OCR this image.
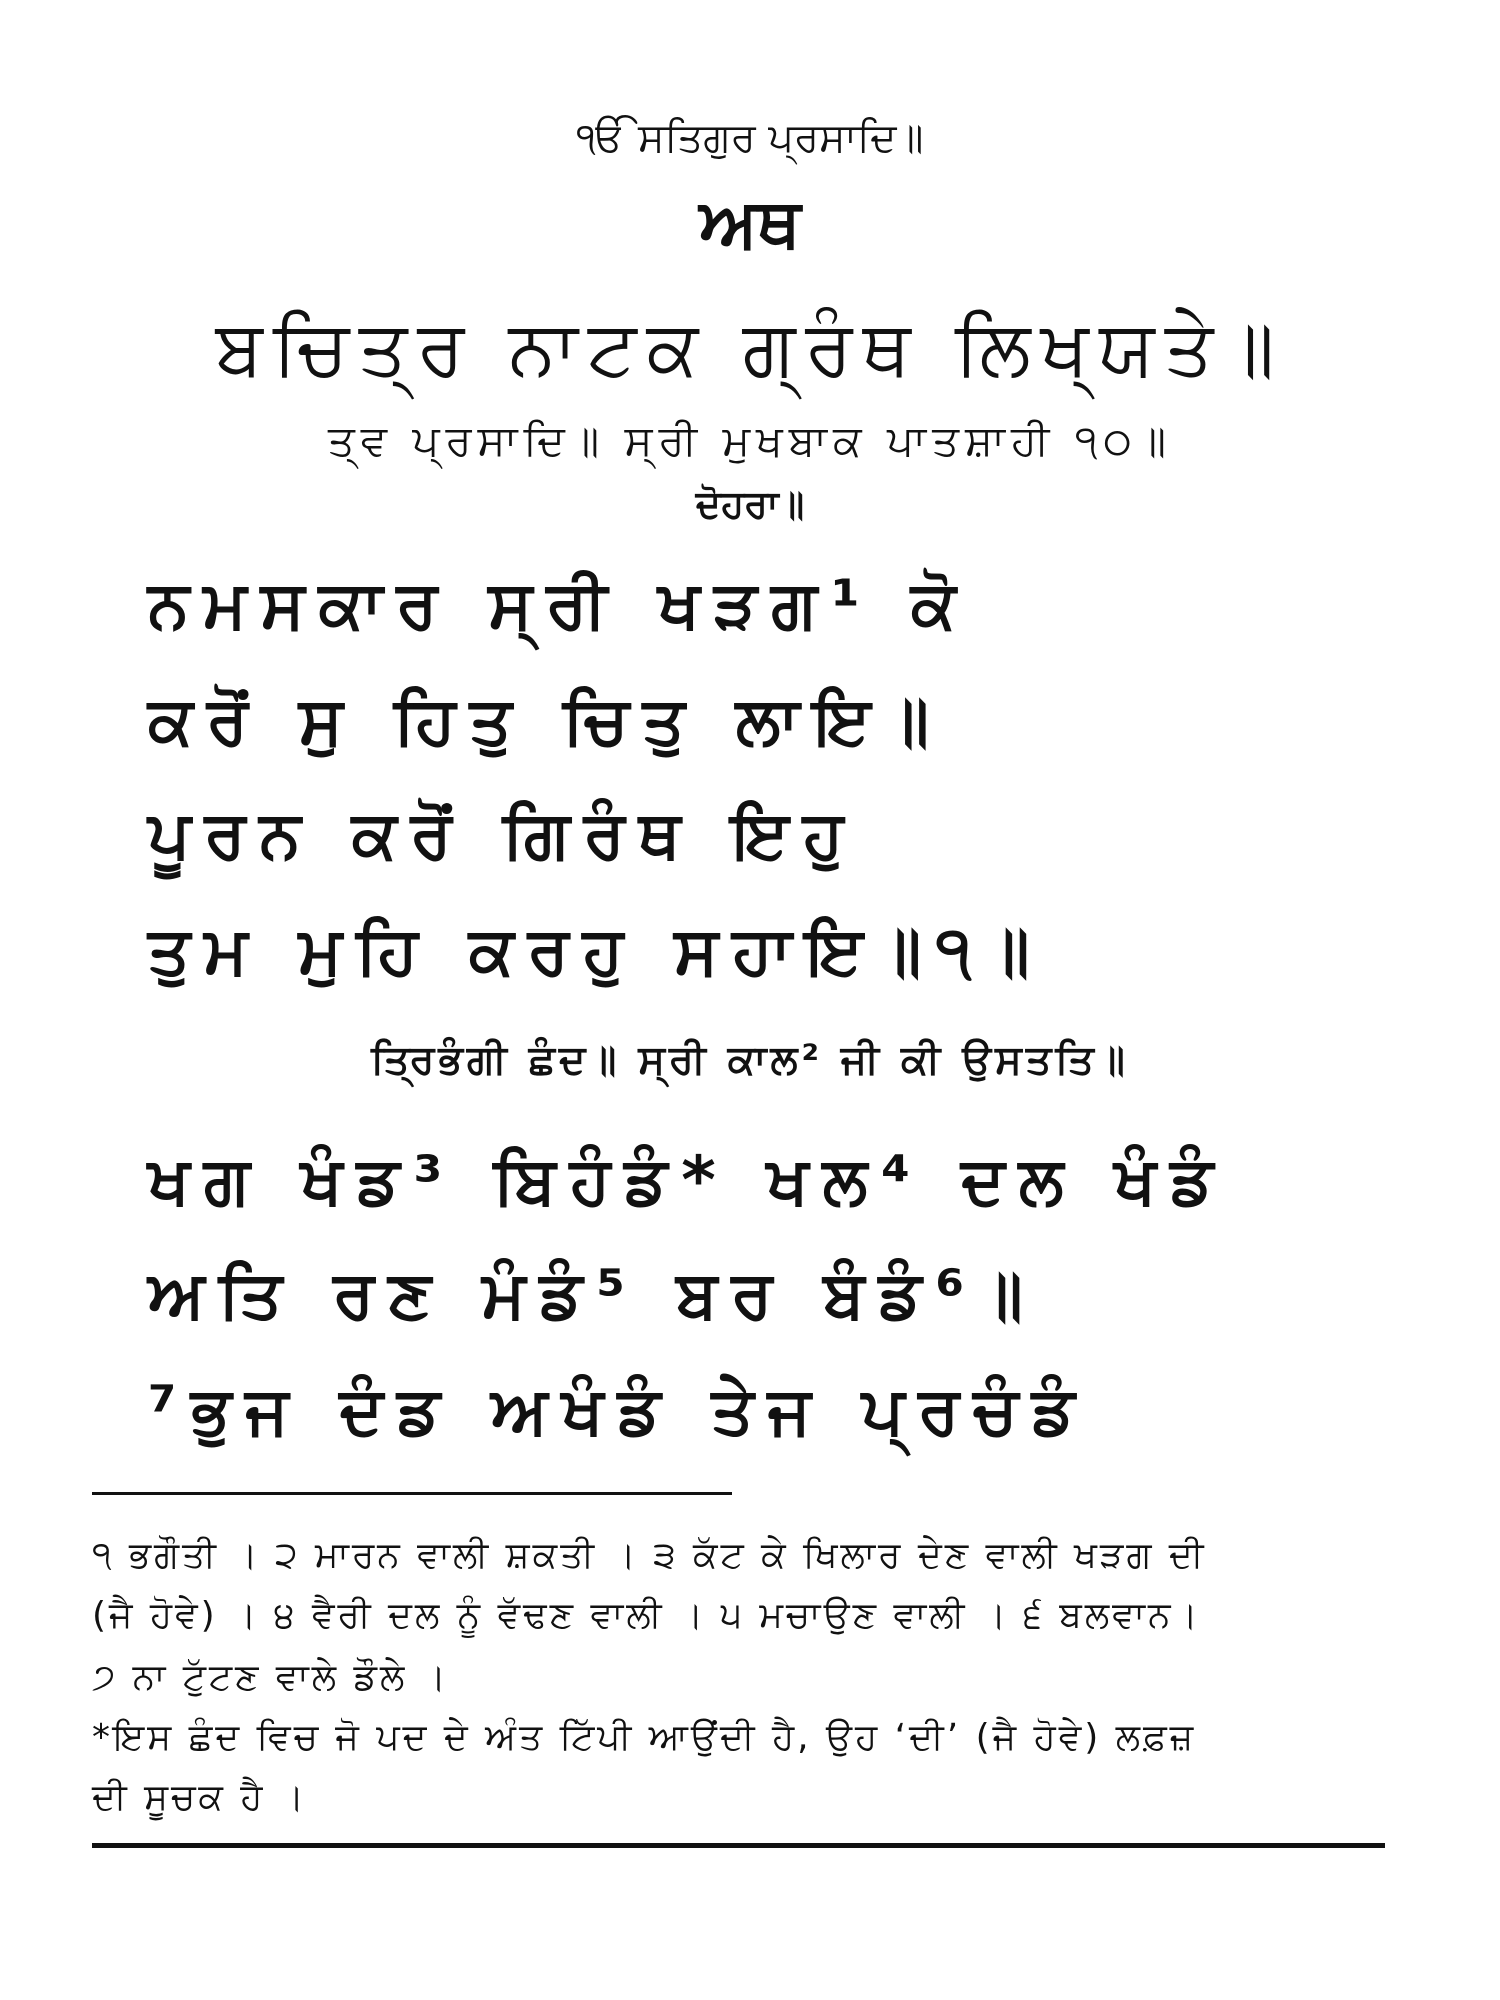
ੴ ਸਤਿਗੁਰ ਪ੍ਰਸਾਦਿ॥
ਅਥ
ਬਚਿਤ੍ਰ ਨਾਟਕ ਗ੍ਰੰਥ ਲਿਖ੍ਯਤੇ॥
ਤ੍ਵ ਪ੍ਰਸਾਦਿ॥ ਸ੍ਰੀ ਮੁਖਬਾਕ ਪਾਤਸ਼ਾਹੀ ੧੦॥
ਦੋਹਰਾ॥
ਨਮਸਕਾਰ ਸ੍ਰੀ ਖੜਗ¹ ਕੋ
ਕਰੋਂ ਸੁ ਹਿਤੁ ਚਿਤੁ ਲਾਇ॥
ਪੂਰਨ ਕਰੋਂ ਗਿਰੰਥ ਇਹੁ
ਤੁਮ ਮੁਹਿ ਕਰਹੁ ਸਹਾਇ॥੧॥
ਤ੍ਰਿਭੰਗੀ ਛੰਦ॥ ਸ੍ਰੀ ਕਾਲ² ਜੀ ਕੀ ਉਸਤਤਿ॥
ਖਗ ਖੰਡ³ ਬਿਹੰਡੰ* ਖਲ⁴ ਦਲ ਖੰਡੰ
ਅਤਿ ਰਣ ਮੰਡੰ⁵ ਬਰ ਬੰਡੰ⁶॥
⁷ਭੁਜ ਦੰਡ ਅਖੰਡੰ ਤੇਜ ਪ੍ਰਚੰਡੰ
੧ ਭਗੌਤੀ । ੨ ਮਾਰਨ ਵਾਲੀ ਸ਼ਕਤੀ । ੩ ਕੱਟ ਕੇ ਖਿਲਾਰ ਦੇਣ ਵਾਲੀ ਖੜਗ ਦੀ
(ਜੈ ਹੋਵੇ) । ੪ ਵੈਰੀ ਦਲ ਨੂੰ ਵੱਢਣ ਵਾਲੀ । ੫ ਮਚਾਉਣ ਵਾਲੀ । ੬ ਬਲਵਾਨ।
੭ ਨਾ ਟੁੱਟਣ ਵਾਲੇ ਡੌਲੇ ।
*ਇਸ ਛੰਦ ਵਿਚ ਜੋ ਪਦ ਦੇ ਅੰਤ ਟਿੱਪੀ ਆਉਂਦੀ ਹੈ, ਉਹ ‘ਦੀ’ (ਜੈ ਹੋਵੇ) ਲਫ਼ਜ਼
ਦੀ ਸੂਚਕ ਹੈ ।
